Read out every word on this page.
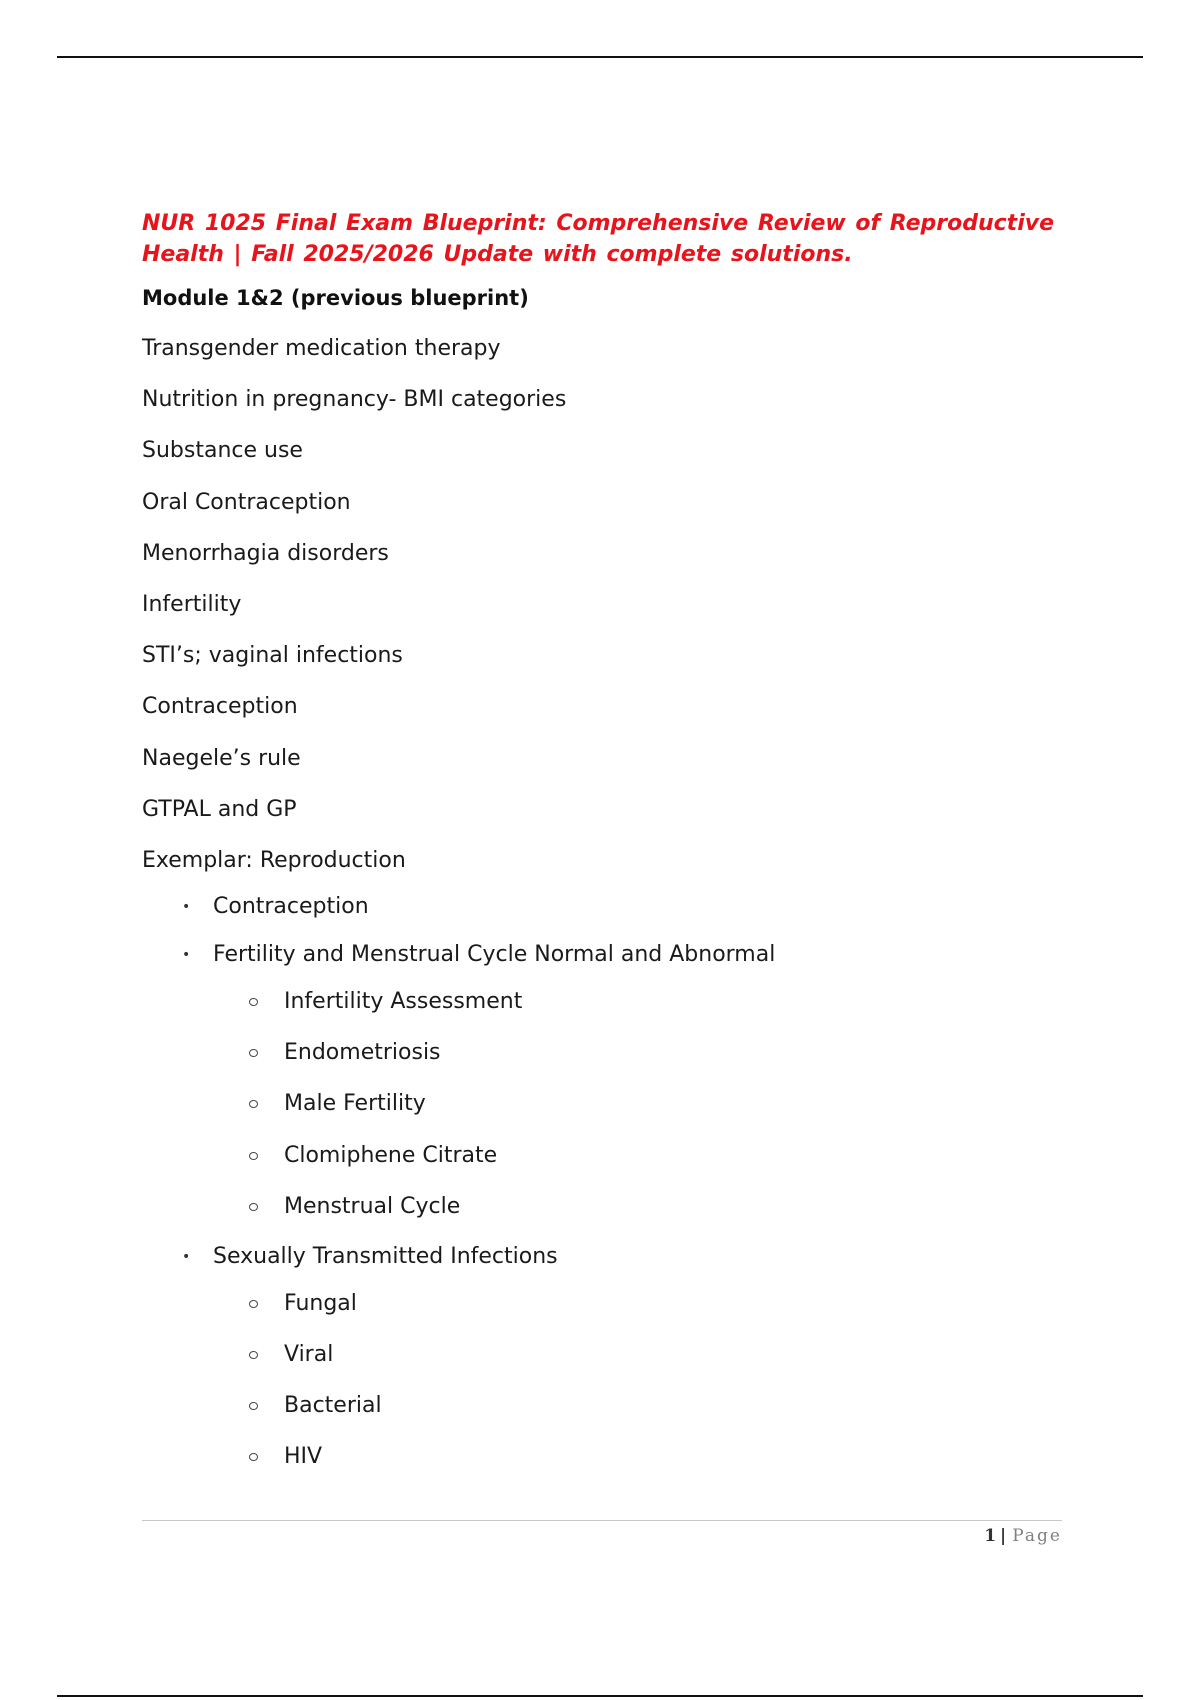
NUR 1025 Final Exam Blueprint: Comprehensive Review of Reproductive Health | Fall 2025/2026 Update with complete solutions.
Module 1&2 (previous blueprint)
Transgender medication therapy
Nutrition in pregnancy- BMI categories
Substance use
Oral Contraception
Menorrhagia disorders
Infertility
STI’s; vaginal infections
Contraception
Naegele’s rule
GTPAL and GP
Exemplar: Reproduction
• Contraception
• Fertility and Menstrual Cycle Normal and Abnormal
Infertility Assessment
Endometriosis
Male Fertility
Clomiphene Citrate
Menstrual Cycle
• Sexually Transmitted Infections
Fungal
Viral
Bacterial
HIV
1 | Page
